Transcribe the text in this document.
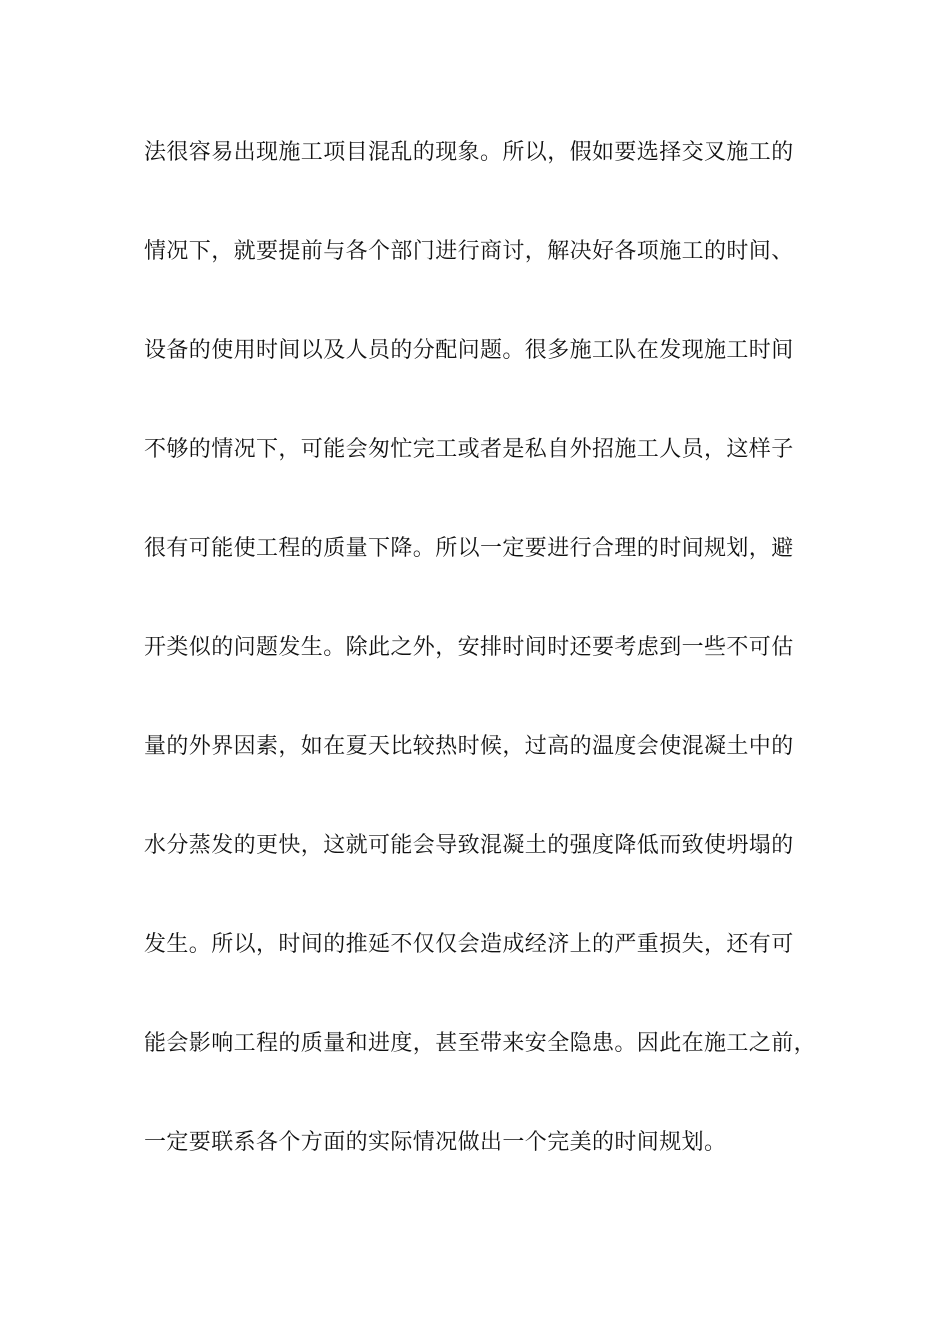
法很容易出现施工项目混乱的现象。所以，假如要选择交叉施工的
情况下，就要提前与各个部门进行商讨，解决好各项施工的时间、
设备的使用时间以及人员的分配问题。很多施工队在发现施工时间
不够的情况下，可能会匆忙完工或者是私自外招施工人员，这样子
很有可能使工程的质量下降。所以一定要进行合理的时间规划，避
开类似的问题发生。除此之外，安排时间时还要考虑到一些不可估
量的外界因素，如在夏天比较热时候，过高的温度会使混凝土中的
水分蒸发的更快，这就可能会导致混凝土的强度降低而致使坍塌的
发生。所以，时间的推延不仅仅会造成经济上的严重损失，还有可
能会影响工程的质量和进度，甚至带来安全隐患。因此在施工之前，
一定要联系各个方面的实际情况做出一个完美的时间规划。
